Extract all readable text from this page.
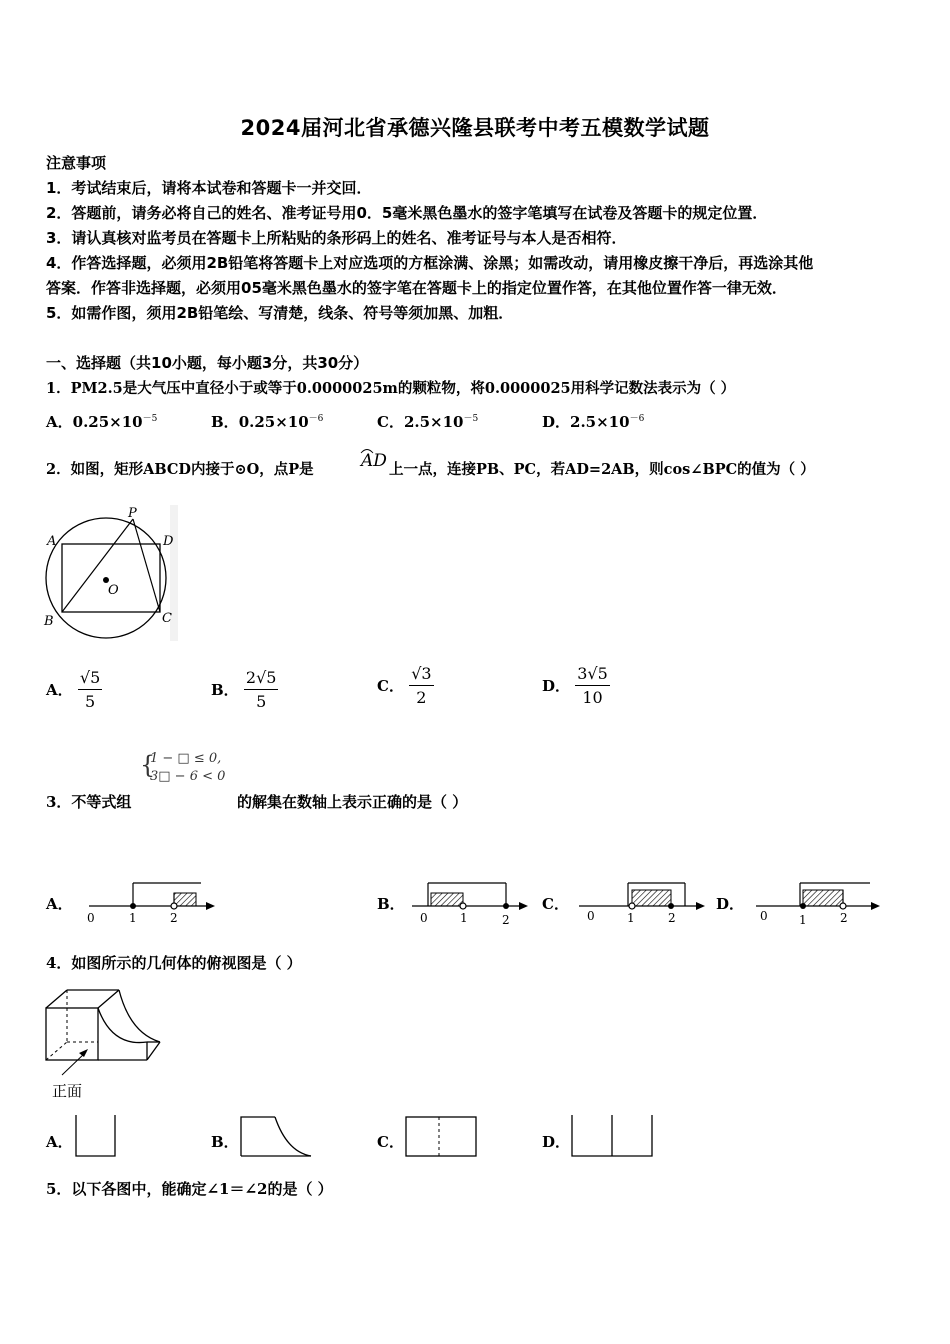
2024届河北省承德兴隆县联考中考五模数学试题
注意事项
1．考试结束后，请将本试卷和答题卡一并交回．
2．答题前，请务必将自己的姓名、准考证号用0．5毫米黑色墨水的签字笔填写在试卷及答题卡的规定位置．
3．请认真核对监考员在答题卡上所粘贴的条形码上的姓名、准考证号与本人是否相符．
4．作答选择题，必须用2B铅笔将答题卡上对应选项的方框涂满、涂黑；如需改动，请用橡皮擦干净后，再选涂其他
答案．作答非选择题，必须用05毫米黑色墨水的签字笔在答题卡上的指定位置作答，在其他位置作答一律无效．
5．如需作图，须用2B铅笔绘、写清楚，线条、符号等须加黑、加粗．
一、选择题（共10小题，每小题3分，共30分）
1．PM2.5是大气压中直径小于或等于0.0000025m的颗粒物，将0.0000025用科学记数法表示为（ ）
A．$0.25\times 10^{-5}$	B．$0.25\times 10^{-6}$	C．$2.5\times 10^{-5}$	D．$2.5\times 10^{-6}$
2．如图，矩形ABCD内接于⊙O，点P是	AD 上一点，连接PB、PC，若AD=2AB，则cos∠BPC的值为（ ）
P
A	D
B	C
O
A． $\frac{√5}{5}$	B． $\frac{2√5}{5}$	C． $\frac{√3}{2}$	D． $\frac{3√5}{10}$
{
1 − □ ≤ 0,
3□ − 6 < 0
3．不等式组	的解集在数轴上表示正确的是（ ）
A．	B．	C．	D．
0	1	2	0	1	2	0	1	2	0	1	2
4．如图所示的几何体的俯视图是（ ）
正面
A．	B．	C．	D．
5．以下各图中，能确定∠1＝∠2的是（ ）
